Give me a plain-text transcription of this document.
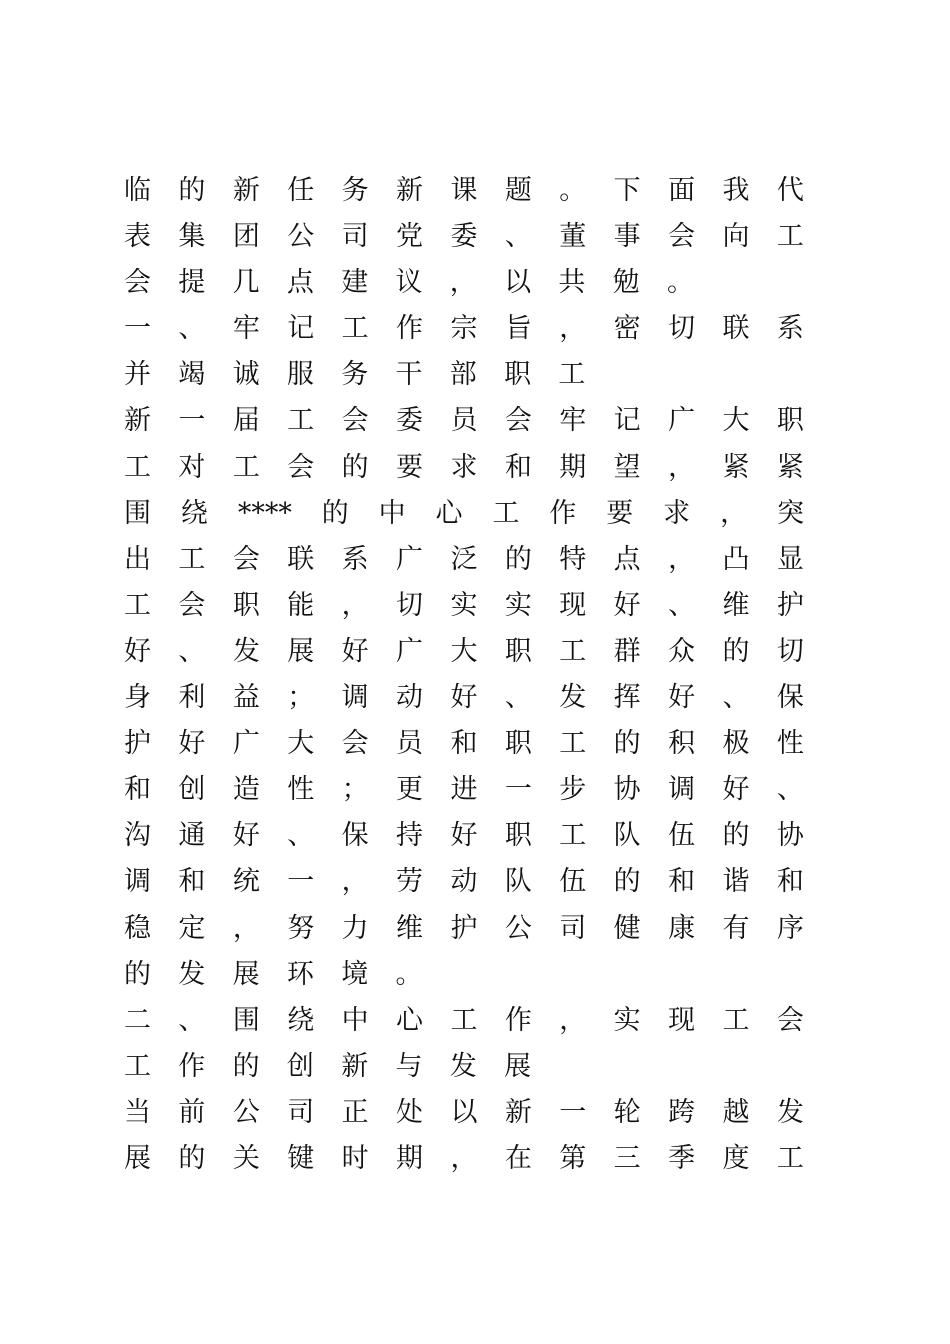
临 的 新 任 务 新 课 题 。 下 面 我 代
表 集 团 公 司 党 委 、 董 事 会 向 工
会 提 几 点 建 议 ， 以 共 勉 。
一 、 牢 记 工 作 宗 旨 ， 密 切 联 系
并 竭 诚 服 务 干 部 职 工
新 一 届 工 会 委 员 会 牢 记 广 大 职
工 对 工 会 的 要 求 和 期 望 ， 紧 紧
围 绕 **** 的 中 心 工 作 要 求 ， 突
出 工 会 联 系 广 泛 的 特 点 ， 凸 显
工 会 职 能 ， 切 实 实 现 好 、 维 护
好 、 发 展 好 广 大 职 工 群 众 的 切
身 利 益 ； 调 动 好 、 发 挥 好 、 保
护 好 广 大 会 员 和 职 工 的 积 极 性
和 创 造 性 ； 更 进 一 步 协 调 好 、
沟 通 好 、 保 持 好 职 工 队 伍 的 协
调 和 统 一 ， 劳 动 队 伍 的 和 谐 和
稳 定 ， 努 力 维 护 公 司 健 康 有 序
的 发 展 环 境 。
二 、 围 绕 中 心 工 作 ， 实 现 工 会
工 作 的 创 新 与 发 展
当 前 公 司 正 处 以 新 一 轮 跨 越 发
展 的 关 键 时 期 ， 在 第 三 季 度 工
